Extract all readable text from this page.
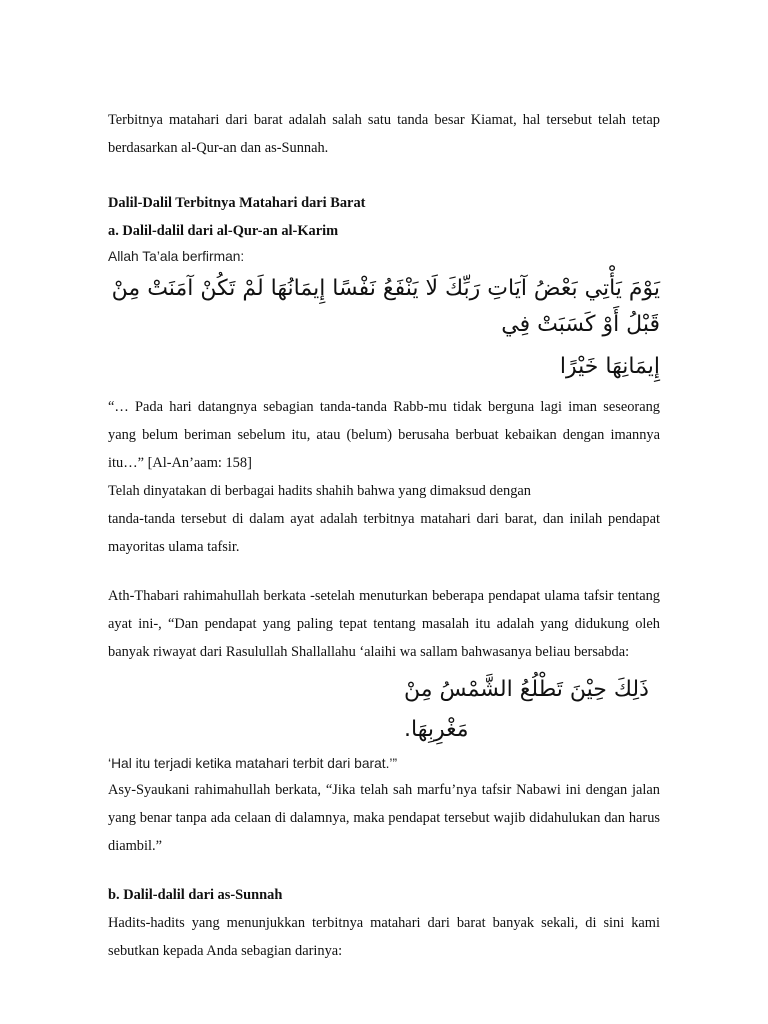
Terbitnya matahari dari barat adalah salah satu tanda besar Kiamat, hal tersebut telah tetap berdasarkan al-Qur-an dan as-Sunnah.

Dalil-Dalil Terbitnya Matahari dari Barat

a. Dalil-dalil dari al-Qur-an al-Karim

Allah Ta’ala berfirman:

يَوْمَ يَأْتِي بَعْضُ آيَاتِ رَبِّكَ لَا يَنْفَعُ نَفْسًا إِيمَانُهَا لَمْ تَكُنْ آمَنَتْ مِنْ قَبْلُ أَوْ كَسَبَتْ فِي

إِيمَانِهَا خَيْرًا

“… Pada hari datangnya sebagian tanda-tanda Rabb-mu tidak berguna lagi iman seseorang yang belum beriman sebelum itu, atau (belum) berusaha berbuat kebaikan dengan imannya itu…” [Al-An’aam: 158]

Telah dinyatakan di berbagai hadits shahih bahwa yang dimaksud dengan

tanda-tanda tersebut di dalam ayat adalah terbitnya matahari dari barat, dan inilah pendapat mayoritas ulama tafsir.

Ath-Thabari rahimahullah berkata -setelah menuturkan beberapa pendapat ulama tafsir tentang ayat ini-, “Dan pendapat yang paling tepat tentang masalah itu adalah yang didukung oleh banyak riwayat dari Rasulullah Shallallahu ‘alaihi wa sallam bahwasanya beliau bersabda:

ذَلِكَ حِيْنَ تَطْلُعُ الشَّمْسُ مِنْ مَغْرِبِهَا.

‘Hal itu terjadi ketika matahari terbit dari barat.’”

Asy-Syaukani rahimahullah berkata, “Jika telah sah marfu’nya tafsir Nabawi ini dengan jalan yang benar tanpa ada celaan di dalamnya, maka pendapat tersebut wajib didahulukan dan harus diambil.”

b. Dalil-dalil dari as-Sunnah

Hadits-hadits yang menunjukkan terbitnya matahari dari barat banyak sekali, di sini kami sebutkan kepada Anda sebagian darinya:
